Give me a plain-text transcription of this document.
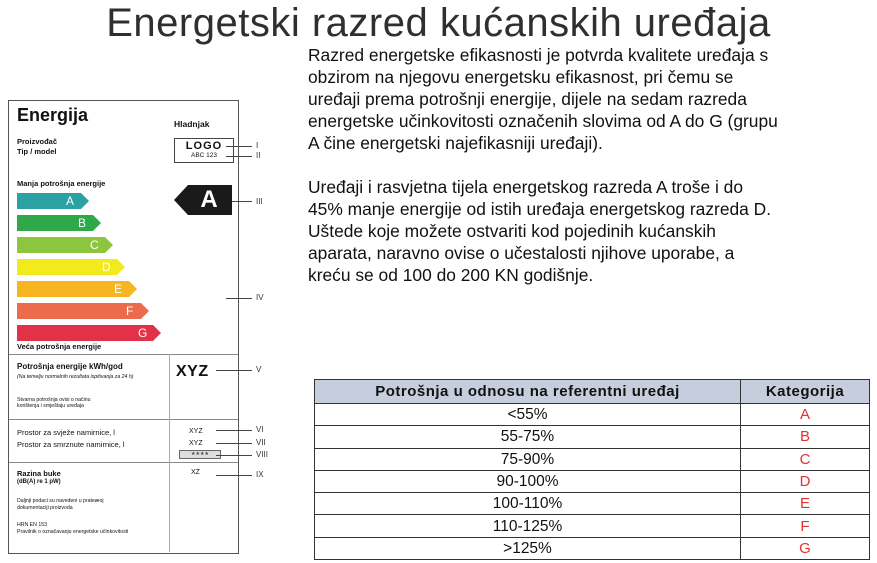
Energetski razred kućanskih uređaja

Razred energetske efikasnosti je potvrda kvalitete uređaja s

obzirom na njegovu energetsku efikasnost, pri čemu se

uređaji prema potrošnji energije, dijele na sedam razreda

energetske učinkovitosti označenih slovima od A do G (grupu

A čine energetski najefikasniji uređaji).

Uređaji i rasvjetna tijela energetskog razreda A troše i do

45% manje energije od istih uređaja energetskog razreda D.

Uštede koje možete ostvariti kod pojedinih kućanskih

aparata, naravno ovise o učestalosti njihove uporabe, a

kreću se od 100 do 200 KN godišnje.

Energija	Hladnjak
Proizvođač
Tip / model	LOGO
ABC 123
Manja potrošnja energije
A
B
C
D
E
F
G
A
Veća potrošnja energije
Potrošnja energije kWh/god
(Na temelju normalnih rezultata ispitivanja za 24 h)	XYZ
Stvarna potrošnja ovisi o načinu
korištenja i smještaju uređaja
Prostor za svježe namirnice, l	XYZ
Prostor za smrznute namirnice, l	XYZ
★★★★
Razina buke
(dB(A) re 1 pW)
XZ
Daljnji podaci su navedeni u prateæoj
dokumentaciji proizvoda
HRN EN 153
Pravilnik o označavanju energetske učinkovitosti
I
II
III
IV
V
VI
VII
VIII
IX
Potrošnja u odnosu na referentni uređaj	Kategorija
<55%	A
55-75%	B
75-90%	C
90-100%	D
100-110%	E
110-125%	F
>125%	G
